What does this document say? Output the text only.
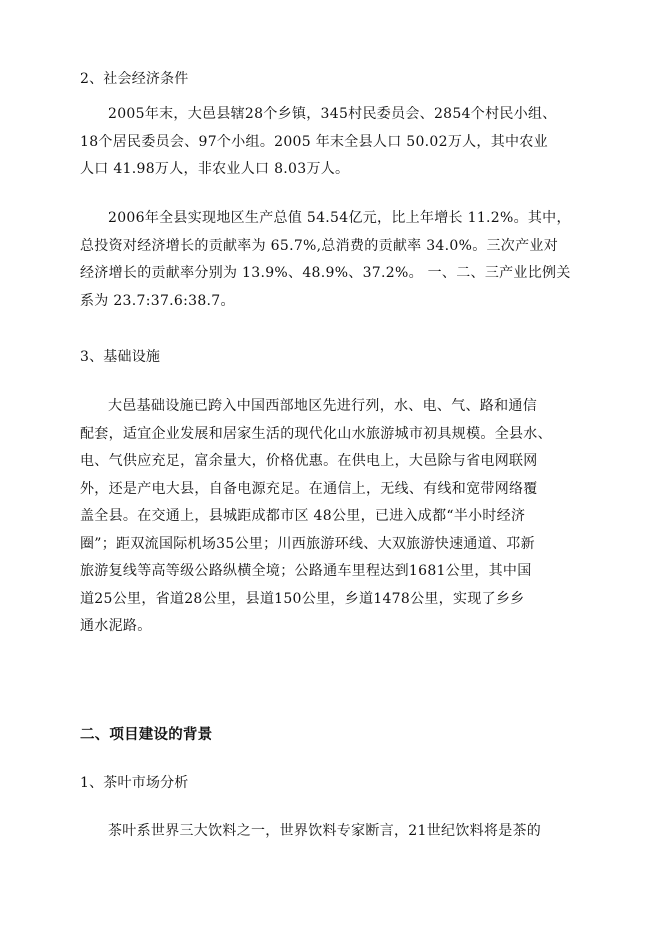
2、社会经济条件
2005年末，大邑县辖28个乡镇，345村民委员会、2854个村民小组、
18个居民委员会、97个小组。2005 年末全县人口 50.02万人，其中农业
人口 41.98万人，非农业人口 8.03万人。
2006年全县实现地区生产总值 54.54亿元，比上年增长 11.2%。其中，
总投资对经济增长的贡献率为 65.7%,总消费的贡献率 34.0%。三次产业对
经济增长的贡献率分别为 13.9%、48.9%、37.2%。 一、二、三产业比例关
系为 23.7:37.6:38.7。
3、基础设施
大邑基础设施已跨入中国西部地区先进行列，水、电、气、路和通信
配套，适宜企业发展和居家生活的现代化山水旅游城市初具规模。全县水、
电、气供应充足，富余量大，价格优惠。在供电上，大邑除与省电网联网
外，还是产电大县，自备电源充足。在通信上，无线、有线和宽带网络覆
盖全县。在交通上，县城距成都市区 48公里，已进入成都“半小时经济
圈”；距双流国际机场35公里；川西旅游环线、大双旅游快速通道、邛新
旅游复线等高等级公路纵横全境；公路通车里程达到1681公里，其中国
道25公里，省道28公里，县道150公里，乡道1478公里，实现了乡乡
通水泥路。
二、项目建设的背景
1、茶叶市场分析
茶叶系世界三大饮料之一，世界饮料专家断言，21世纪饮料将是茶的
